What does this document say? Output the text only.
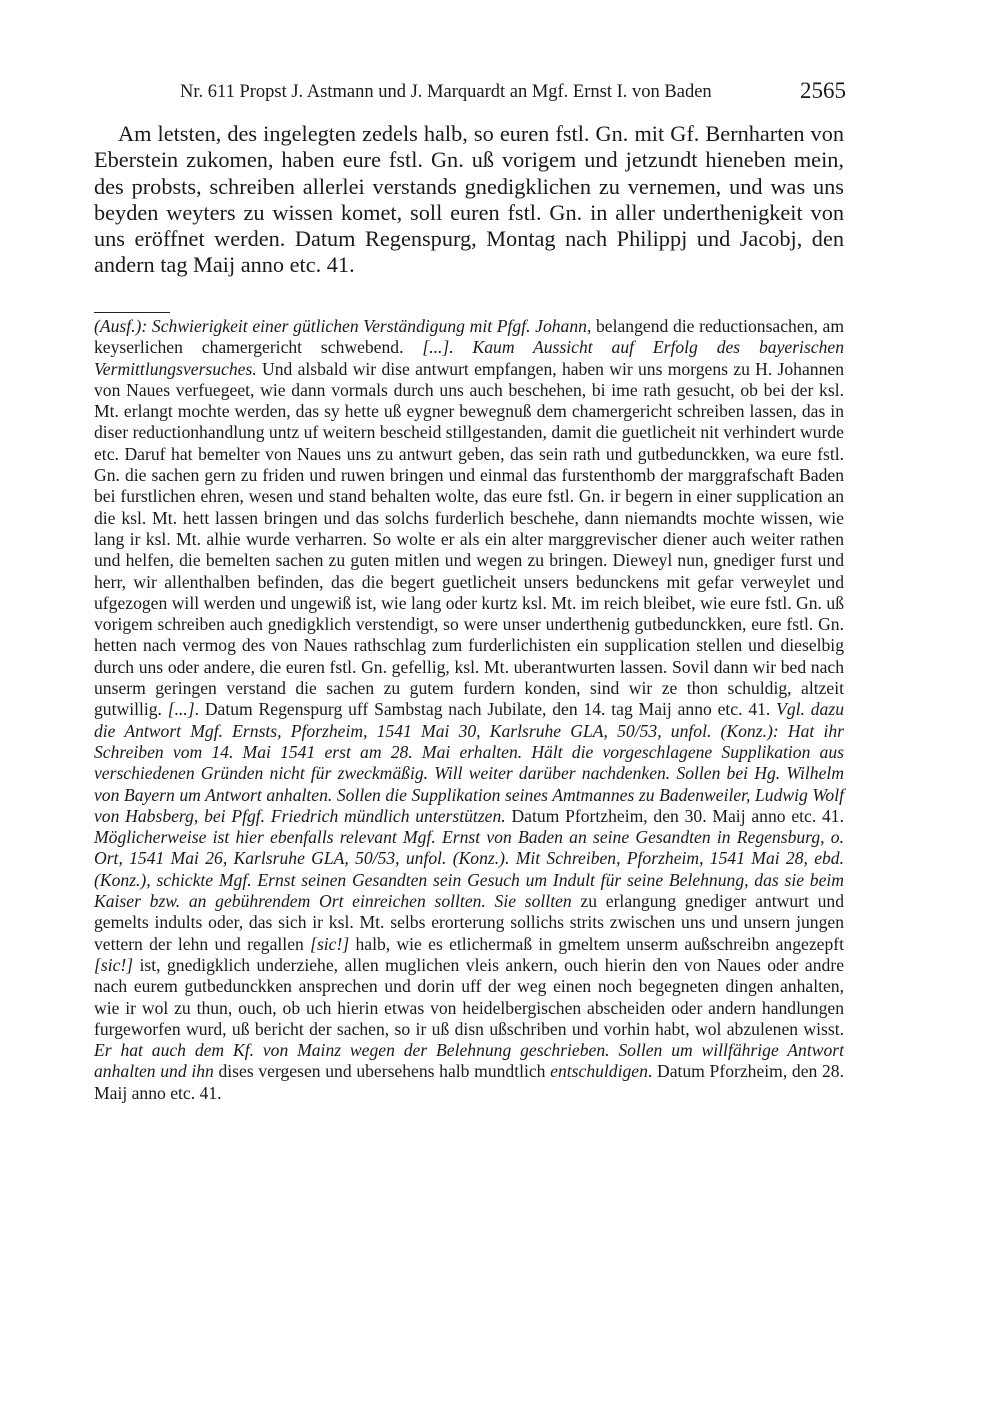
Nr. 611 Propst J. Astmann und J. Marquardt an Mgf. Ernst I. von Baden	2565

Am letsten, des ingelegten zedels halb, so euren fstl. Gn. mit Gf. Bernharten von Eberstein zukomen, haben eure fstl. Gn. uß vorigem und jetzundt hieneben mein, des probsts, schreiben allerlei verstands gnedigklichen zu vernemen, und was uns beyden weyters zu wissen komet, soll euren fstl. Gn. in aller underthenigkeit von uns eröffnet werden. Datum Regenspurg, Montag nach Philippj und Jacobj, den andern tag Maij anno etc. 41.

(Ausf.): Schwierigkeit einer gütlichen Verständigung mit Pfgf. Johann, belangend die reductionsachen, am keyserlichen chamergericht schwebend. [...]. Kaum Aussicht auf Erfolg des bayerischen Vermittlungsversuches. Und alsbald wir dise antwurt empfangen, haben wir uns morgens zu H. Johannen von Naues verfuegeet, wie dann vormals durch uns auch beschehen, bi ime rath gesucht, ob bei der ksl. Mt. erlangt mochte werden, das sy hette uß eygner bewegnuß dem chamergericht schreiben lassen, das in diser reductionhandlung untz uf weitern bescheid stillgestanden, damit die guetlicheit nit verhindert wurde etc. Daruf hat bemelter von Naues uns zu antwurt geben, das sein rath und gutbedunckken, wa eure fstl. Gn. die sachen gern zu friden und ruwen bringen und einmal das furstenthomb der marggrafschaft Baden bei furstlichen ehren, wesen und stand behalten wolte, das eure fstl. Gn. ir begern in einer supplication an die ksl. Mt. hett lassen bringen und das solchs furderlich beschehe, dann niemandts mochte wissen, wie lang ir ksl. Mt. alhie wurde verharren. So wolte er als ein alter marggrevischer diener auch weiter rathen und helfen, die bemelten sachen zu guten mitlen und wegen zu bringen. Dieweyl nun, gnediger furst und herr, wir allenthalben befinden, das die begert guetlicheit unsers bedunckens mit gefar verweylet und ufgezogen will werden und ungewiß ist, wie lang oder kurtz ksl. Mt. im reich bleibet, wie eure fstl. Gn. uß vorigem schreiben auch gnedigklich verstendigt, so were unser underthenig gutbedunckken, eure fstl. Gn. hetten nach vermog des von Naues rathschlag zum furderlichisten ein supplication stellen und dieselbig durch uns oder andere, die euren fstl. Gn. gefellig, ksl. Mt. uberantwurten lassen. Sovil dann wir bed nach unserm geringen verstand die sachen zu gutem furdern konden, sind wir ze thon schuldig, altzeit gutwillig. [...]. Datum Regenspurg uff Sambstag nach Jubilate, den 14. tag Maij anno etc. 41. Vgl. dazu die Antwort Mgf. Ernsts, Pforzheim, 1541 Mai 30, Karlsruhe GLA, 50/53, unfol. (Konz.): Hat ihr Schreiben vom 14. Mai 1541 erst am 28. Mai erhalten. Hält die vorgeschlagene Supplikation aus verschiedenen Gründen nicht für zweckmäßig. Will weiter darüber nachdenken. Sollen bei Hg. Wilhelm von Bayern um Antwort anhalten. Sollen die Supplikation seines Amtmannes zu Badenweiler, Ludwig Wolf von Habsberg, bei Pfgf. Friedrich mündlich unterstützen. Datum Pfortzheim, den 30. Maij anno etc. 41. Möglicherweise ist hier ebenfalls relevant Mgf. Ernst von Baden an seine Gesandten in Regensburg, o. Ort, 1541 Mai 26, Karlsruhe GLA, 50/53, unfol. (Konz.). Mit Schreiben, Pforzheim, 1541 Mai 28, ebd. (Konz.), schickte Mgf. Ernst seinen Gesandten sein Gesuch um Indult für seine Belehnung, das sie beim Kaiser bzw. an gebührendem Ort einreichen sollten. Sie sollten zu erlangung gnediger antwurt und gemelts indults oder, das sich ir ksl. Mt. selbs erorterung sollichs strits zwischen uns und unsern jungen vettern der lehn und regallen [sic!] halb, wie es etlichermaß in gmeltem unserm außschreibn angezepft [sic!] ist, gnedigklich underziehe, allen muglichen vleis ankern, ouch hierin den von Naues oder andre nach eurem gutbedunckken ansprechen und dorin uff der weg einen noch begegneten dingen anhalten, wie ir wol zu thun, ouch, ob uch hierin etwas von heidelbergischen abscheiden oder andern handlungen furgeworfen wurd, uß bericht der sachen, so ir uß disn ußschriben und vorhin habt, wol abzulenen wisst. Er hat auch dem Kf. von Mainz wegen der Belehnung geschrieben. Sollen um willfährige Antwort anhalten und ihn dises vergesen und ubersehens halb mundtlich entschuldigen. Datum Pforzheim, den 28. Maij anno etc. 41.
